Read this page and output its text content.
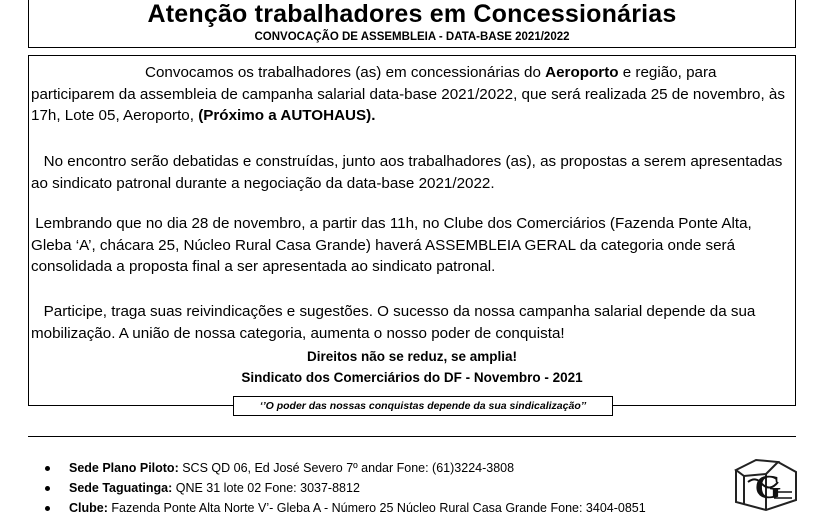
Atenção trabalhadores em Concessionárias
CONVOCAÇÃO DE ASSEMBLEIA - DATA-BASE 2021/2022

Convocamos os trabalhadores (as) em concessionárias do Aeroporto e região, para participarem da assembleia de campanha salarial data-base 2021/2022, que será realizada 25 de novembro, às 17h, Lote 05, Aeroporto, (Próximo a AUTOHAUS).

No encontro serão debatidas e construídas, junto aos trabalhadores (as), as propostas a serem apresentadas ao sindicato patronal durante a negociação da data-base 2021/2022.

Lembrando que no dia 28 de novembro, a partir das 11h, no Clube dos Comerciários (Fazenda Ponte Alta, Gleba ‘A’, chácara 25, Núcleo Rural Casa Grande) haverá ASSEMBLEIA GERAL da categoria onde será consolidada a proposta final a ser apresentada ao sindicato patronal.

Participe, traga suas reivindicações e sugestões. O sucesso da nossa campanha salarial depende da sua mobilização. A união de nossa categoria, aumenta o nosso poder de conquista!

Direitos não se reduz, se amplia!
Sindicato dos Comerciários do DF - Novembro - 2021
‘’O poder das nossas conquistas depende da sua sindicalização’’
Sede Plano Piloto: SCS QD 06, Ed José Severo 7º andar Fone: (61)3224-3808
Sede Taguatinga: QNE 31 lote 02 Fone: 3037-8812
Clube: Fazenda Ponte Alta Norte V’- Gleba A - Número 25 Núcleo Rural Casa Grande Fone: 3404-0851
G
